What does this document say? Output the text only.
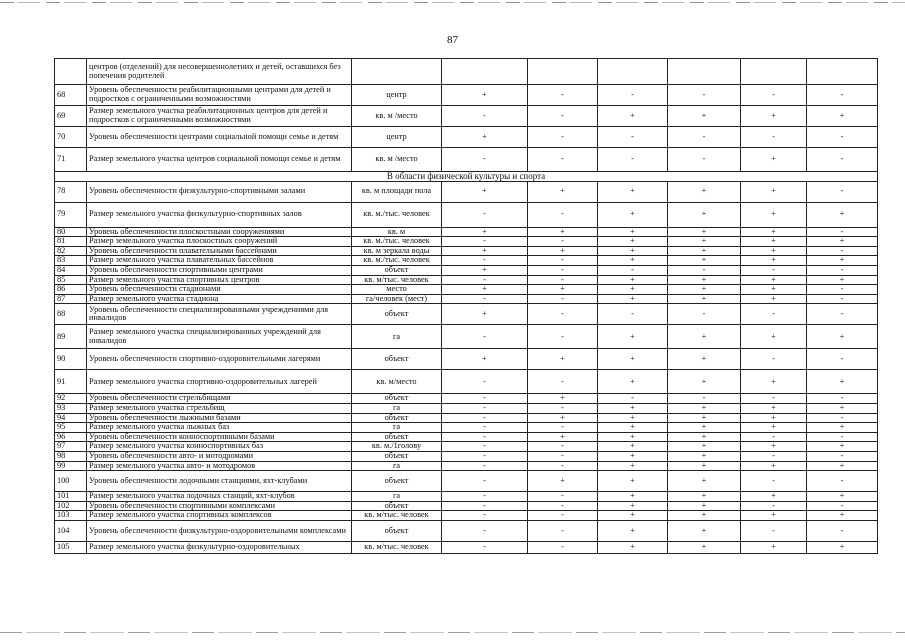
87
	центров (отделений) для несовершеннолетних и детей, оставшихся без попечения родителей							
68	Уровень обеспеченности реабилитационными центрами для детей и подростков с ограниченными возможностями	центр	+	-	-	-	-	-
69	Размер земельного участка реабилитационных центров для детей и подростков с ограниченными возможностями	кв. м /место	-	-	+	+	+	+
70	Уровень обеспеченности центрами социальной помощи семье и детям	центр	+	-	-	-	-	-
71	Размер земельного участка центров социальной помощи семье и детям	кв. м /место	-	-	-	-	+	-
В области физической культуры и спорта								
78	Уровень обеспеченности физкультурно-спортивными залами	кв. м площади пола	+	+	+	+	+	-
79	Размер земельного участка физкультурно-спортивных залов	кв. м./тыс. человек	-	-	+	+	+	+
80	Уровень обеспеченности плоскостными сооружениями	кв. м	+	+	+	+	+	-
81	Размер земельного участка плоскостных сооружений	кв. м./тыс. человек	-	-	+	+	+	+
82	Уровень обеспеченности плавательными бассейнами	кв. м зеркала воды	+	+	+	+	+	-
83	Размер земельного участка плавательных бассейнов	кв. м./тыс. человек	-	-	+	+	+	+
84	Уровень обеспеченности спортивными центрами	объект	+	-	-	-	-	-
85	Размер земельного участка спортивных центров	кв. м/тыс. человек	-	-	+	+	+	+
86	Уровень обеспеченности стадионами	место	+	+	+	+	+	-
87	Размер земельного участка стадиона	га/человек (мест)	-	-	+	+	+	-
88	Уровень обеспеченности специализированными учреждениями для инвалидов	объект	+	-	-	-	-	-
89	Размер земельного участка специализированных учреждений для инвалидов	га	-	-	+	+	+	+
90	Уровень обеспеченности спортивно-оздоровительными лагерями	объект	+	+	+	+	-	-
91	Размер земельного участка спортивно-оздоровительных лагерей	кв. м/место	-	-	+	+	+	+
92	Уровень обеспеченности стрельбищами	объект	-	+	-	-	-	-
93	Размер земельного участка стрельбищ	га	-	-	+	+	+	+
94	Уровень обеспеченности лыжными базами	объект	-	+	+	+	+	-
95	Размер земельного участка лыжных баз	га	-	-	+	+	+	+
96	Уровень обеспеченности конноспортивными базами	объект	-	+	+	+	-	-
97	Размер земельного участка конноспортивных баз	кв. м./1голову	-	-	+	+	+	+
98	Уровень обеспеченности авто- и мотодромами	объект	-	-	+	+	-	-
99	Размер земельного участка авто- и мотодромов	га	-	-	+	+	+	+
100	Уровень обеспеченности лодочными станциями, яхт-клубами	объект	-	+	+	+	-	-
101	Размер земельного участка лодочных станций, яхт-клубов	га	-	-	+	+	+	+
102	Уровень обеспеченности спортивными комплексами	объект	-	-	+	+	-	-
103	Размер земельного участка спортивных комплексов	кв. м/тыс. человек	-	-	+	+	+	+
104	Уровень обеспеченности физкультурно-оздоровительными комплексами	объект	-	-	+	+	-	-
105	Размер земельного участка физкультурно-оздоровительных	кв. м/тыс. человек	-	-	+	+	+	+
